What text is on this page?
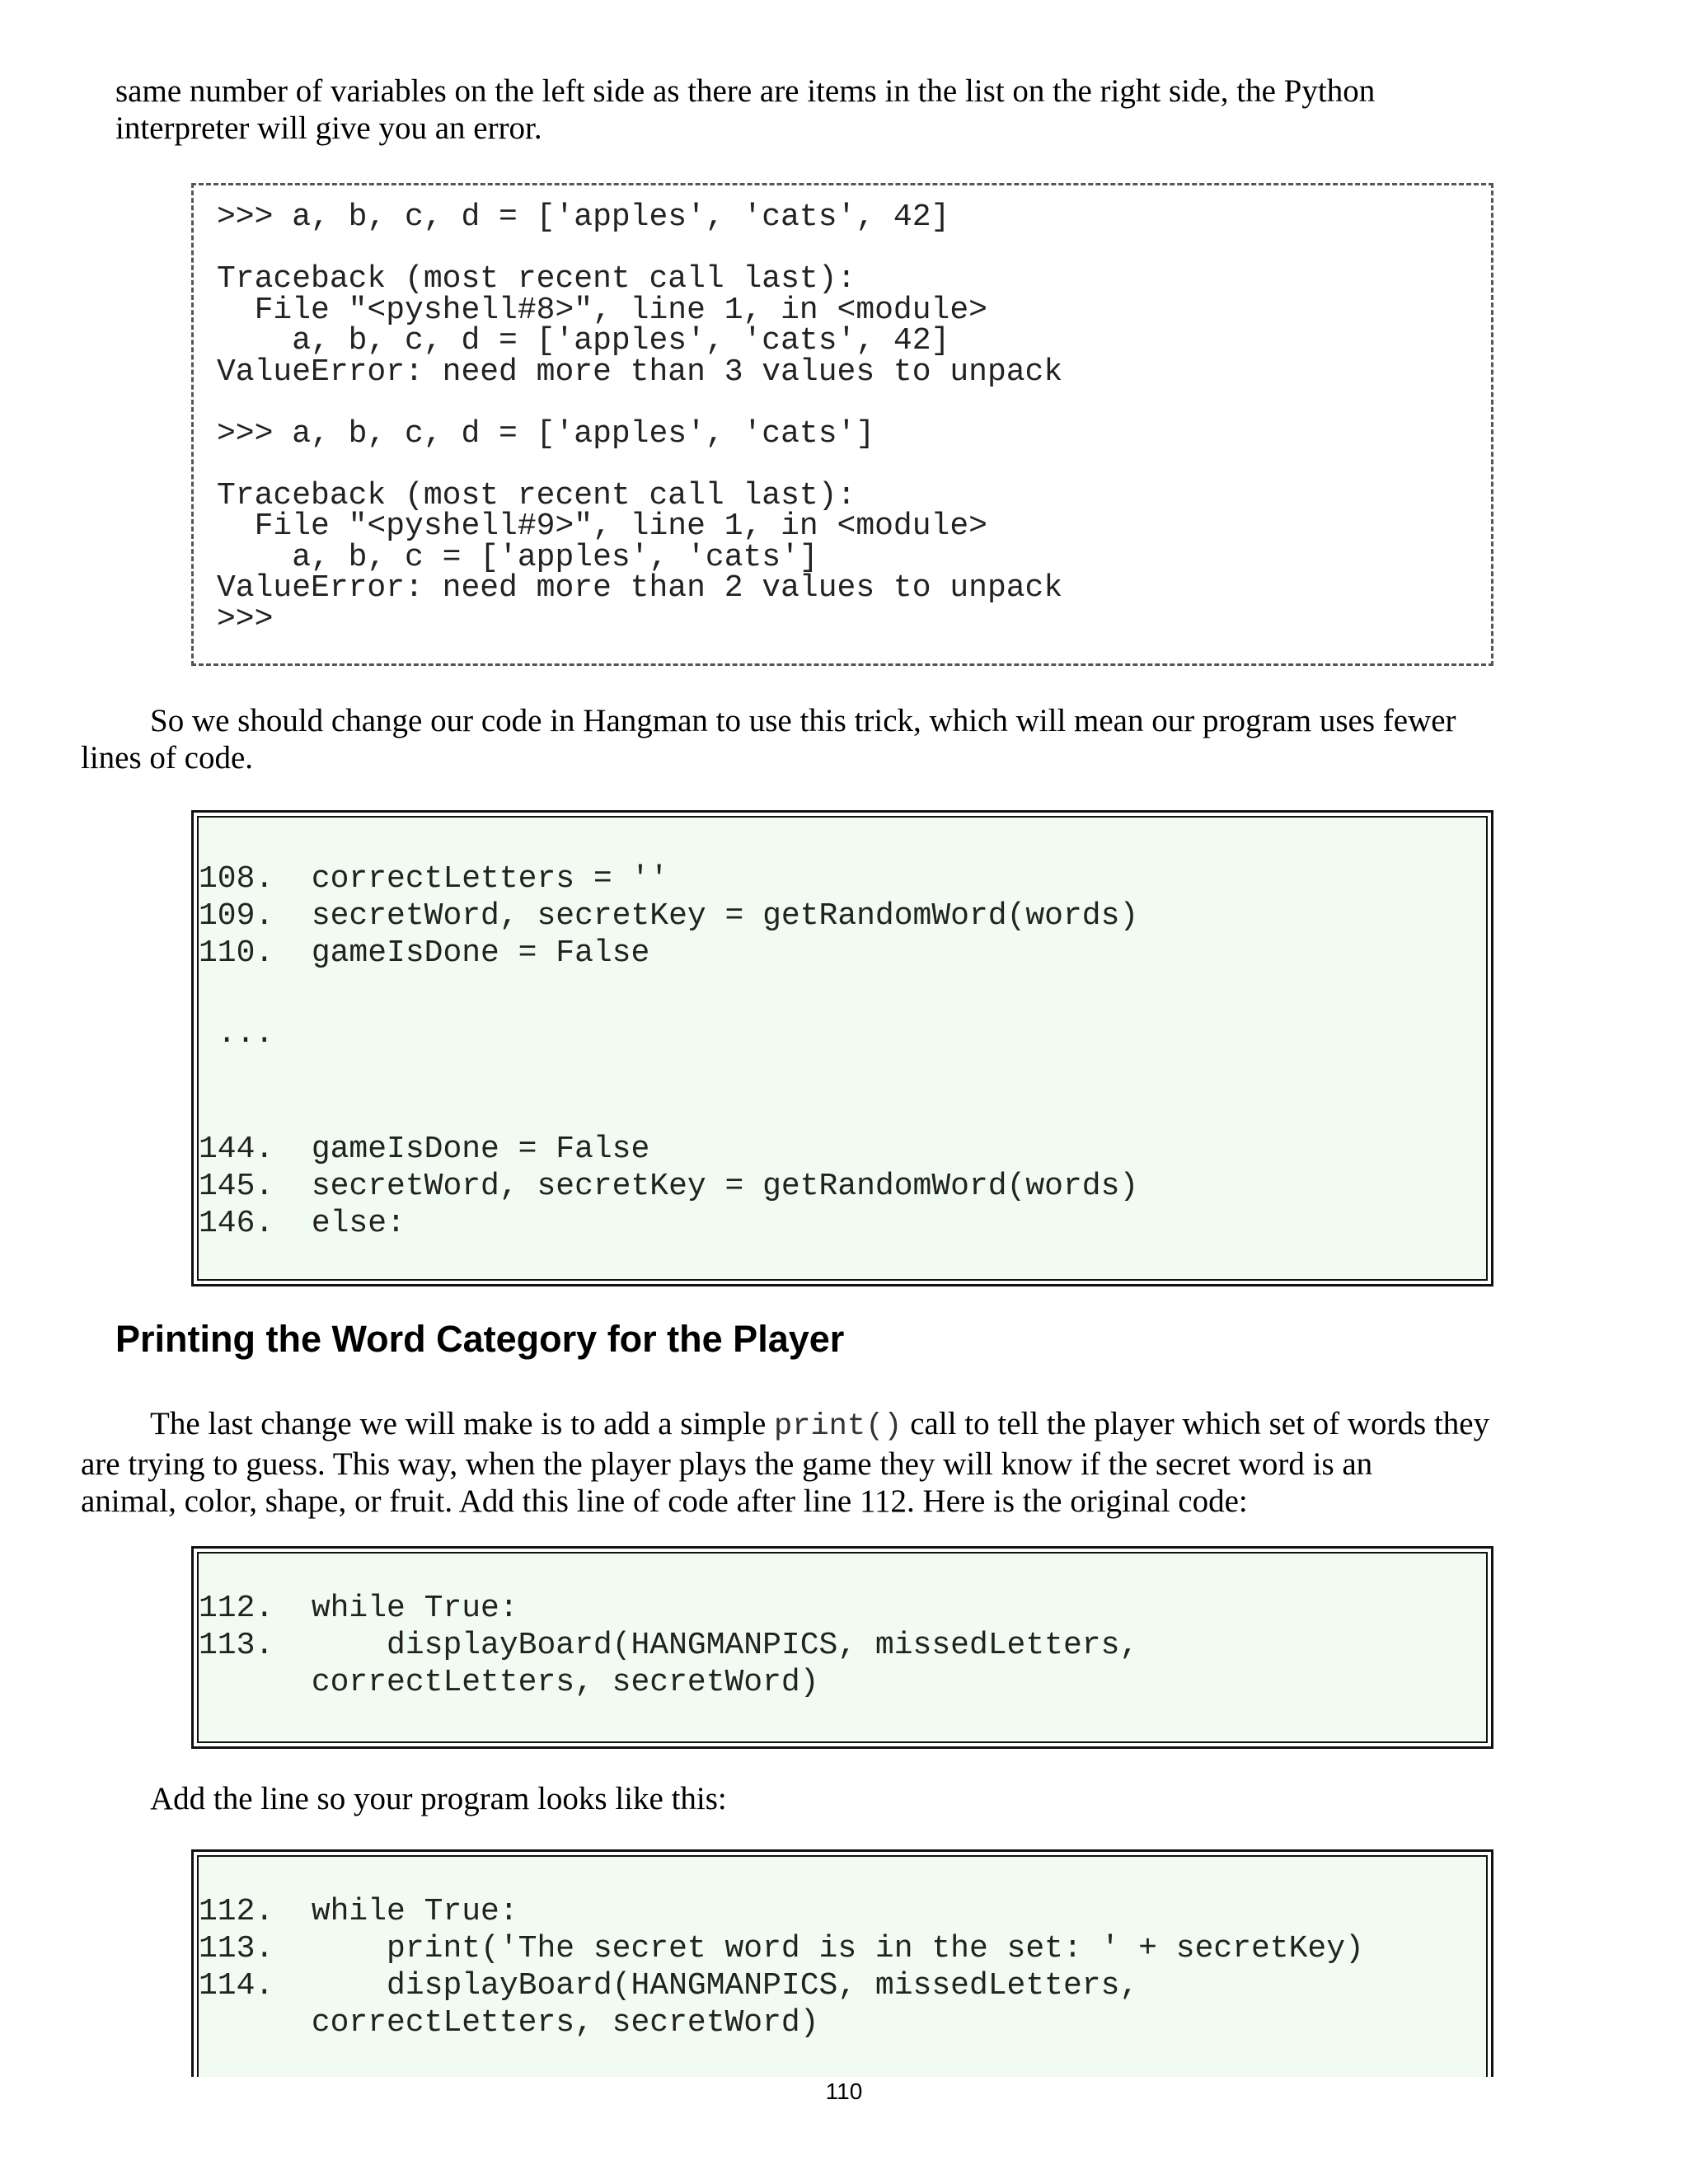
same number of variables on the left side as there are items in the list on the right side, the Python
interpreter will give you an error.

>>> a, b, c, d = ['apples', 'cats', 42]
Traceback (most recent call last):
File "<pyshell#8>", line 1, in <module>
a, b, c, d = ['apples', 'cats', 42]
ValueError: need more than 3 values to unpack
>>> a, b, c, d = ['apples', 'cats']
Traceback (most recent call last):
File "<pyshell#9>", line 1, in <module>
a, b, c = ['apples', 'cats']
ValueError: need more than 2 values to unpack
>>>

So we should change our code in Hangman to use this trick, which will mean our program uses fewer
lines of code.

108.  correctLetters = ''
109.  secretWord, secretKey = getRandomWord(words)
110.  gameIsDone = False
...
144.  gameIsDone = False
145.  secretWord, secretKey = getRandomWord(words)
146.  else:
Printing the Word Category for the Player

The last change we will make is to add a simple print() call to tell the player which set of words they
are trying to guess. This way, when the player plays the game they will know if the secret word is an
animal, color, shape, or fruit. Add this line of code after line 112. Here is the original code:

112.  while True:
113.      displayBoard(HANGMANPICS, missedLetters,
correctLetters, secretWord)

Add the line so your program looks like this:

112.  while True:
113.      print('The secret word is in the set: ' + secretKey)
114.      displayBoard(HANGMANPICS, missedLetters,
correctLetters, secretWord)
110
